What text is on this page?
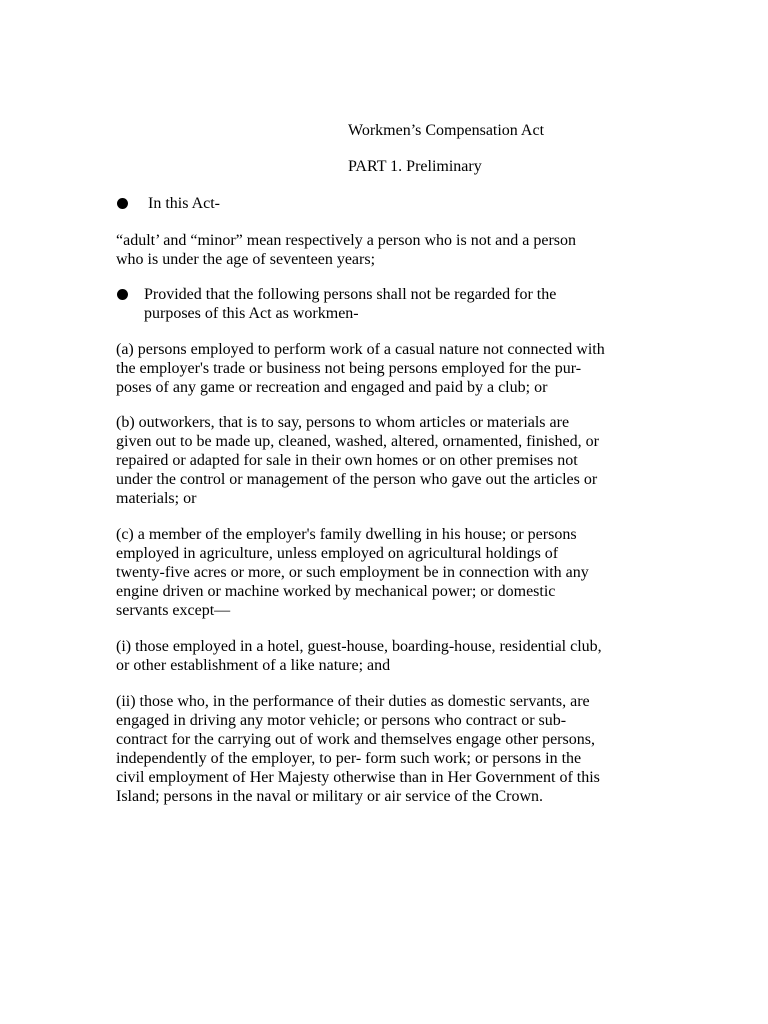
Workmen’s Compensation Act
PART 1. Preliminary

In this Act-

“adult’ and “minor” mean respectively a person who is not and a person
who is under the age of seventeen years;

Provided that the following persons shall not be regarded for the
purposes of this Act as workmen-

(a) persons employed to perform work of a casual nature not connected with
the employer's trade or business not being persons employed for the pur-
poses of any game or recreation and engaged and paid by a club; or

(b) outworkers, that is to say, persons to whom articles or materials are
given out to be made up, cleaned, washed, altered, ornamented, finished, or
repaired or adapted for sale in their own homes or on other premises not
under the control or management of the person who gave out the articles or
materials; or

(c) a member of the employer's family dwelling in his house; or persons
employed in agriculture, unless employed on agricultural holdings of
twenty-five acres or more, or such employment be in connection with any
engine driven or machine worked by mechanical power; or domestic
servants except—

(i) those employed in a hotel, guest-house, boarding-house, residential club,
or other establishment of a like nature; and

(ii) those who, in the performance of their duties as domestic servants, are
engaged in driving any motor vehicle; or persons who contract or sub-
contract for the carrying out of work and themselves engage other persons,
independently of the employer, to per- form such work; or persons in the
civil employment of Her Majesty otherwise than in Her Government of this
Island; persons in the naval or military or air service of the Crown.
